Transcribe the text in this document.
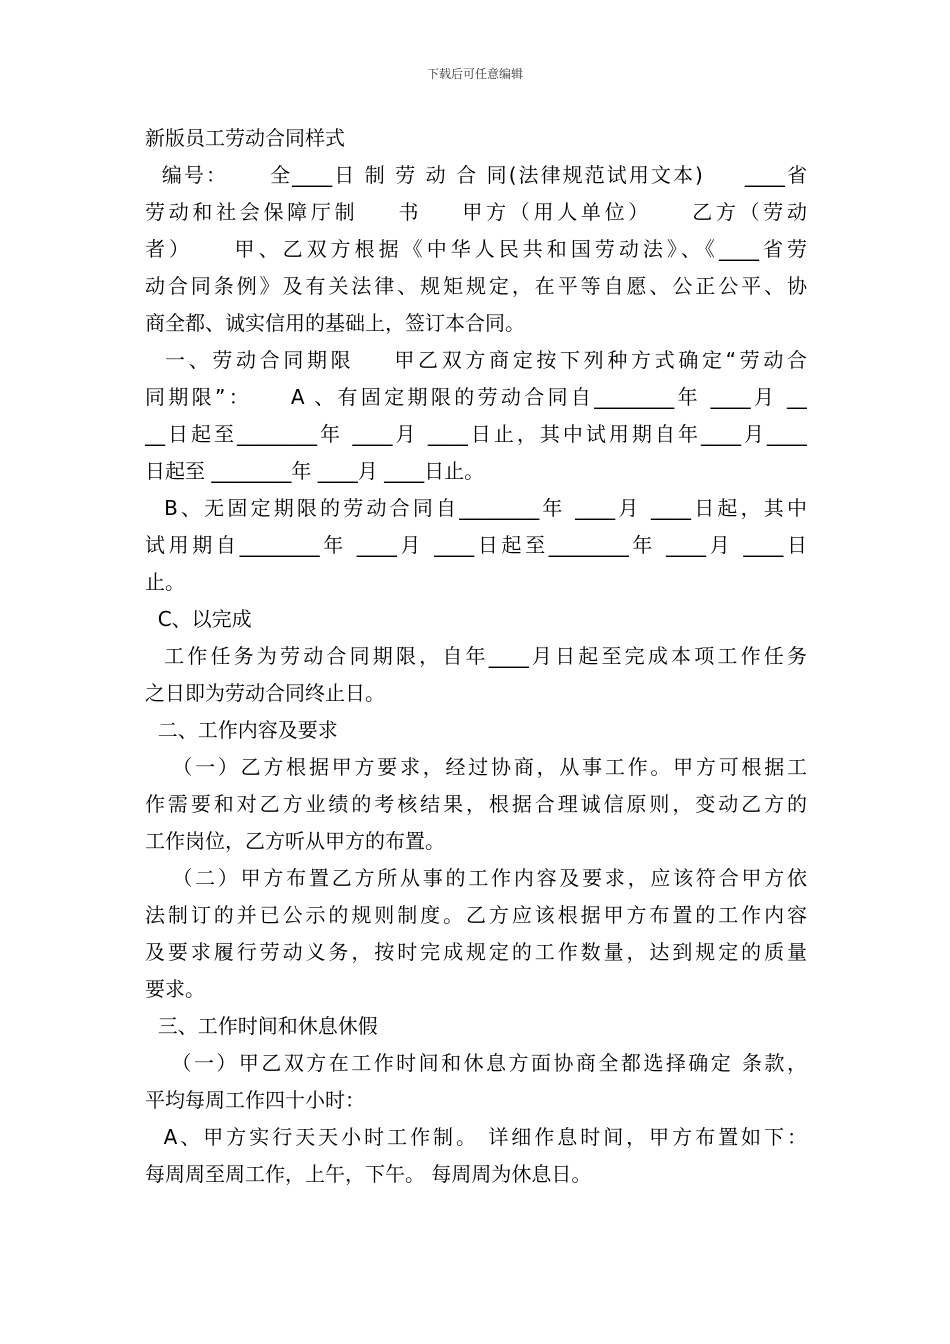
下载后可任意编辑
新版员工劳动合同样式
编号：     全____日 制 劳 动 合 同(法律规范试用文本)     ____省
劳动和社会保障厅制    书    甲方（用人单位）    乙方（劳动
者）    甲、乙双方根据《中华人民共和国劳动法》、《____省劳
动合同条例》及有关法律、规矩规定，在平等自愿、公正公平、协
商全都、诚实信用的基础上，签订本合同。
一、劳动合同期限    甲乙双方商定按下列种方式确定“劳动合
同期限”：    A 、有固定期限的劳动合同自________年 ____月 __
__日起至________年 ____月 ____日止，其中试用期自年____月____
日起至 ________年 ____月 ____日止。
B、无固定期限的劳动合同自________年 ____月 ____日起，其中
试用期自________年 ____月 ____日起至________年 ____月 ____日
止。
C、以完成
工作任务为劳动合同期限，自年____月日起至完成本项工作任务
之日即为劳动合同终止日。
二、工作内容及要求
（一）乙方根据甲方要求，经过协商，从事工作。甲方可根据工
作需要和对乙方业绩的考核结果，根据合理诚信原则，变动乙方的
工作岗位，乙方听从甲方的布置。
（二）甲方布置乙方所从事的工作内容及要求，应该符合甲方依
法制订的并已公示的规则制度。乙方应该根据甲方布置的工作内容
及要求履行劳动义务，按时完成规定的工作数量，达到规定的质量
要求。
三、工作时间和休息休假
（一）甲乙双方在工作时间和休息方面协商全都选择确定 条款，
平均每周工作四十小时：
A、甲方实行天天小时工作制。 详细作息时间，甲方布置如下：
每周周至周工作，上午，下午。 每周周为休息日。
